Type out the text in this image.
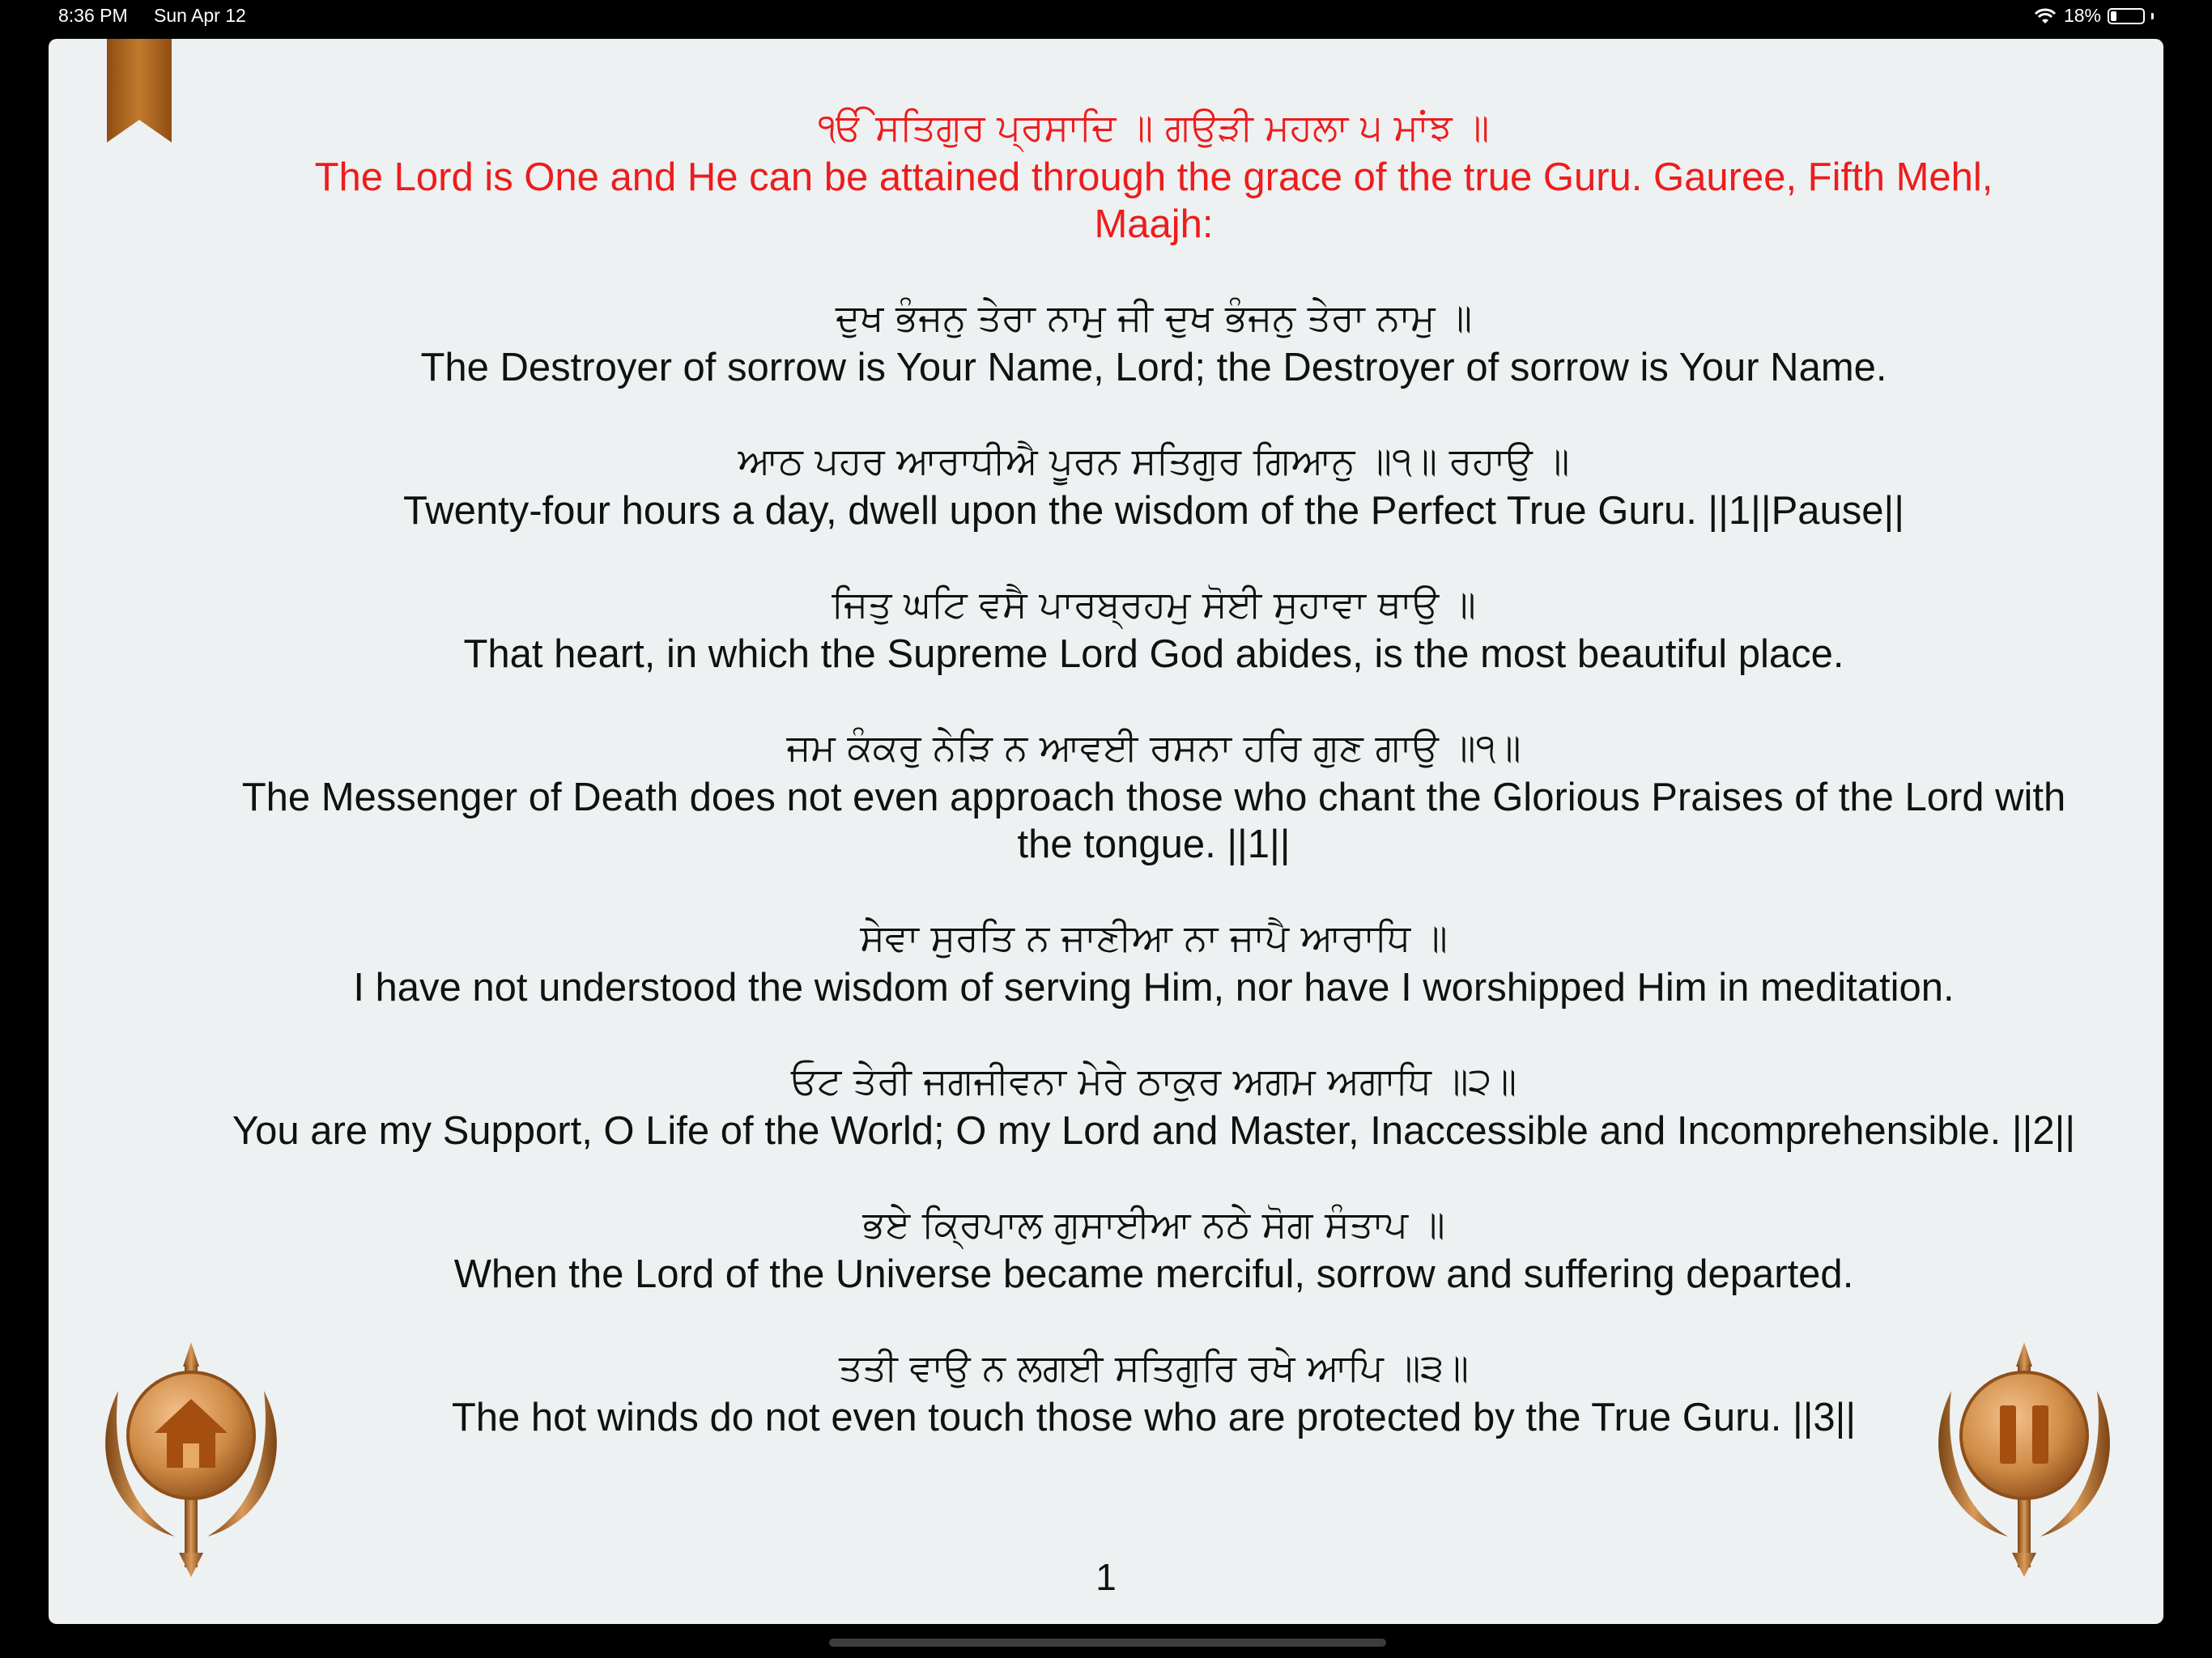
8:36 PM Sun Apr 12	18%

ੴ ਸਤਿਗੁਰ ਪ੍ਰਸਾਦਿ ॥ ਗਉੜੀ ਮਹਲਾ ੫ ਮਾਂਝ ॥

The Lord is One and He can be attained through the grace of the true Guru. Gauree, Fifth Mehl, Maajh:

ਦੁਖ ਭੰਜਨੁ ਤੇਰਾ ਨਾਮੁ ਜੀ ਦੁਖ ਭੰਜਨੁ ਤੇਰਾ ਨਾਮੁ ॥

The Destroyer of sorrow is Your Name, Lord; the Destroyer of sorrow is Your Name.

ਆਠ ਪਹਰ ਆਰਾਧੀਐ ਪੂਰਨ ਸਤਿਗੁਰ ਗਿਆਨੁ ॥੧॥ ਰਹਾਉ ॥

Twenty-four hours a day, dwell upon the wisdom of the Perfect True Guru. ||1||Pause||

ਜਿਤੁ ਘਟਿ ਵਸੈ ਪਾਰਬ੍ਰਹਮੁ ਸੋਈ ਸੁਹਾਵਾ ਥਾਉ ॥

That heart, in which the Supreme Lord God abides, is the most beautiful place.

ਜਮ ਕੰਕਰੁ ਨੇੜਿ ਨ ਆਵਈ ਰਸਨਾ ਹਰਿ ਗੁਣ ਗਾਉ ॥੧॥

The Messenger of Death does not even approach those who chant the Glorious Praises of the Lord with the tongue. ||1||

ਸੇਵਾ ਸੁਰਤਿ ਨ ਜਾਣੀਆ ਨਾ ਜਾਪੈ ਆਰਾਧਿ ॥

I have not understood the wisdom of serving Him, nor have I worshipped Him in meditation.

ਓਟ ਤੇਰੀ ਜਗਜੀਵਨਾ ਮੇਰੇ ਠਾਕੁਰ ਅਗਮ ਅਗਾਧਿ ॥੨॥

You are my Support, O Life of the World; O my Lord and Master, Inaccessible and Incomprehensible. ||2||

ਭਏ ਕ੍ਰਿਪਾਲ ਗੁਸਾਈਆ ਨਠੇ ਸੋਗ ਸੰਤਾਪ ॥

When the Lord of the Universe became merciful, sorrow and suffering departed.

ਤਤੀ ਵਾਉ ਨ ਲਗਈ ਸਤਿਗੁਰਿ ਰਖੇ ਆਪਿ ॥੩॥

The hot winds do not even touch those who are protected by the True Guru. ||3||

1
